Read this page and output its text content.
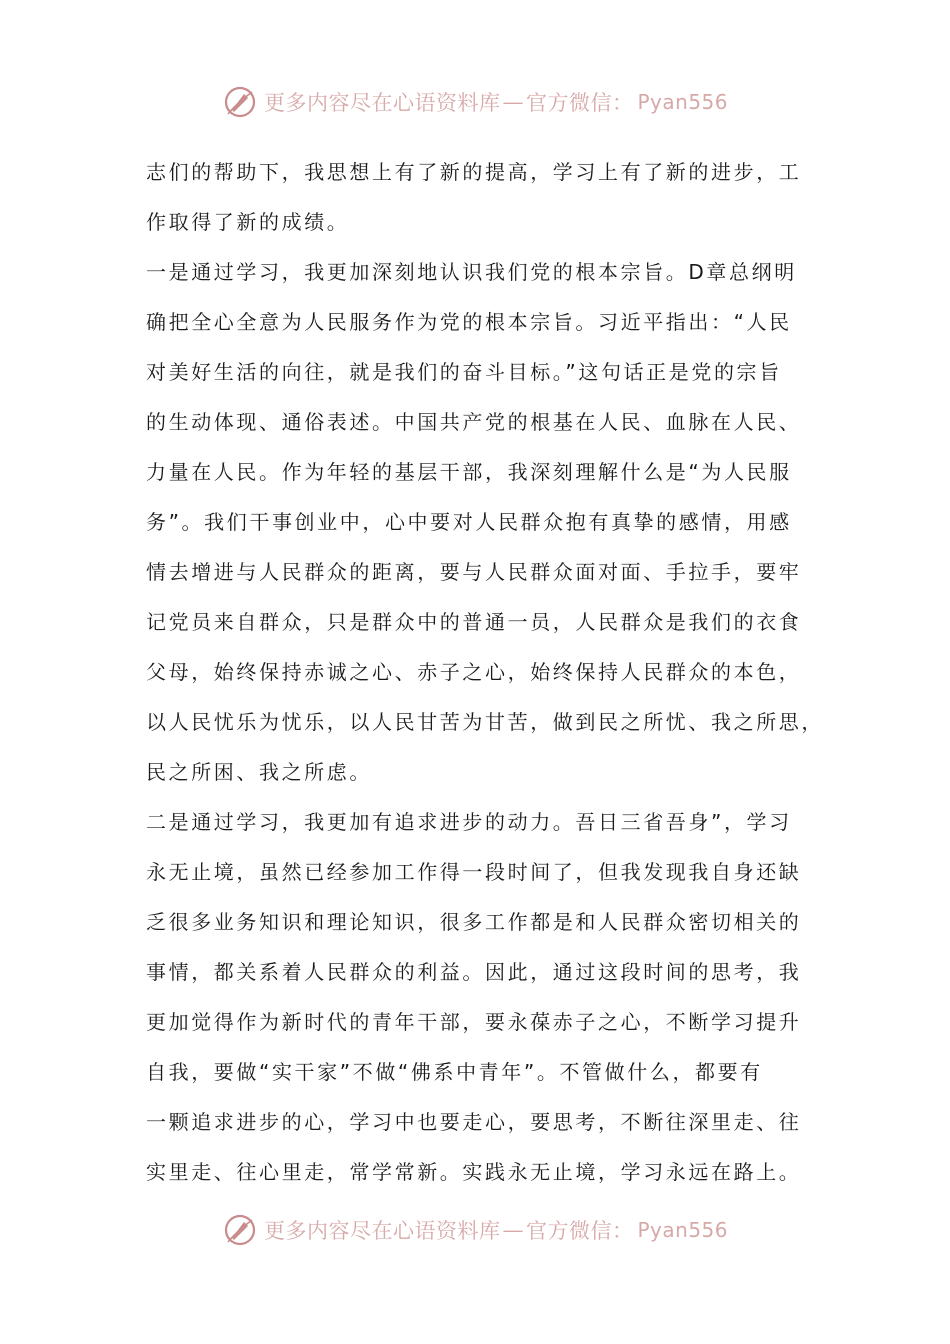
更多内容尽在心语资料库 — 官方微信： Pyan556
志们的帮助下，我思想上有了新的提高，学习上有了新的进步，工
作取得了新的成绩。
一是通过学习，我更加深刻地认识我们党的根本宗旨。D章总纲明
确把全心全意为人民服务作为党的根本宗旨。习近平指出：“人民
对美好生活的向往，就是我们的奋斗目标。”这句话正是党的宗旨
的生动体现、通俗表述。中国共产党的根基在人民、血脉在人民、
力量在人民。作为年轻的基层干部，我深刻理解什么是“为人民服
务”。我们干事创业中，心中要对人民群众抱有真挚的感情，用感
情去增进与人民群众的距离，要与人民群众面对面、手拉手，要牢
记党员来自群众，只是群众中的普通一员，人民群众是我们的衣食
父母，始终保持赤诚之心、赤子之心，始终保持人民群众的本色，
以人民忧乐为忧乐，以人民甘苦为甘苦，做到民之所忧、我之所思，
民之所困、我之所虑。
二是通过学习，我更加有追求进步的动力。吾日三省吾身”，学习
永无止境，虽然已经参加工作得一段时间了，但我发现我自身还缺
乏很多业务知识和理论知识，很多工作都是和人民群众密切相关的
事情，都关系着人民群众的利益。因此，通过这段时间的思考，我
更加觉得作为新时代的青年干部，要永葆赤子之心，不断学习提升
自我，要做“实干家”不做“佛系中青年”。不管做什么，都要有
一颗追求进步的心，学习中也要走心，要思考，不断往深里走、往
实里走、往心里走，常学常新。实践永无止境，学习永远在路上。
更多内容尽在心语资料库 — 官方微信： Pyan556
